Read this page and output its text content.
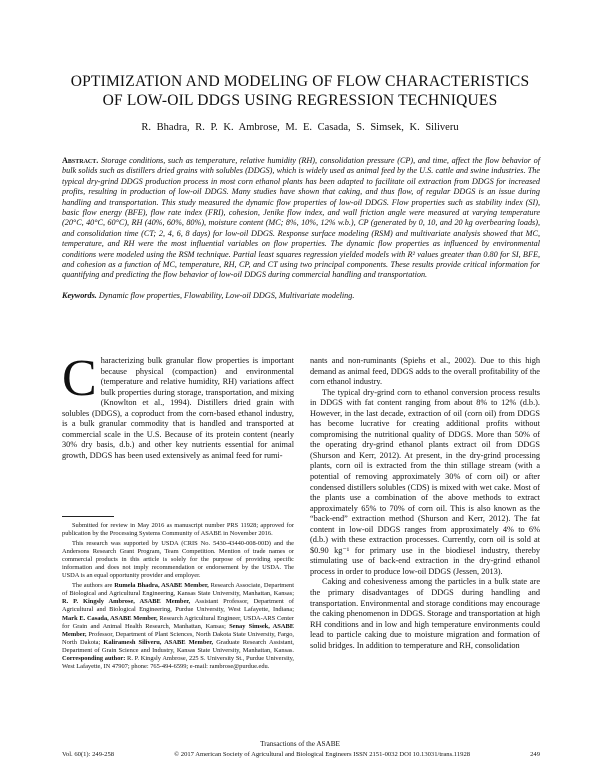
OPTIMIZATION AND MODELING OF FLOW CHARACTERISTICS
OF LOW-OIL DDGS USING REGRESSION TECHNIQUES
R. Bhadra, R. P. K. Ambrose, M. E. Casada, S. Simsek, K. Siliveru
Abstract. Storage conditions, such as temperature, relative humidity (RH), consolidation pressure (CP), and time, affect the flow behavior of bulk solids such as distillers dried grains with solubles (DDGS), which is widely used as animal feed by the U.S. cattle and swine industries. The typical dry-grind DDGS production process in most corn ethanol plants has been adapted to facilitate oil extraction from DDGS for increased profits, resulting in production of low-oil DDGS. Many studies have shown that caking, and thus flow, of regular DDGS is an issue during handling and transportation. This study measured the dynamic flow properties of low-oil DDGS. Flow properties such as stability index (SI), basic flow energy (BFE), flow rate index (FRI), cohesion, Jenike flow index, and wall friction angle were measured at varying temperature (20°C, 40°C, 60°C), RH (40%, 60%, 80%), moisture content (MC; 8%, 10%, 12% w.b.), CP (generated by 0, 10, and 20 kg overbearing loads), and consolidation time (CT; 2, 4, 6, 8 days) for low-oil DDGS. Response surface modeling (RSM) and multivariate analysis showed that MC, temperature, and RH were the most influential variables on flow properties. The dynamic flow properties as influenced by environmental conditions were modeled using the RSM technique. Partial least squares regression yielded models with R² values greater than 0.80 for SI, BFE, and cohesion as a function of MC, temperature, RH, CP, and CT using two principal components. These results provide critical information for quantifying and predicting the flow behavior of low-oil DDGS during commercial handling and transportation.
Keywords. Dynamic flow properties, Flowability, Low-oil DDGS, Multivariate modeling.

Characterizing bulk granular flow properties is important because physical (compaction) and environmental (temperature and relative humidity, RH) variations affect bulk properties during storage, transportation, and mixing (Knowlton et al., 1994). Distillers dried grain with solubles (DDGS), a coproduct from the corn-based ethanol industry, is a bulk granular commodity that is handled and transported at commercial scale in the U.S. Because of its protein content (nearly 30% dry basis, d.b.) and other key nutrients essential for animal growth, DDGS has been used extensively as animal feed for rumi-

Submitted for review in May 2016 as manuscript number PRS 11928; approved for publication by the Processing Systems Community of ASABE in November 2016.

This research was supported by USDA (CRIS No. 5430-43440-008-00D) and the Andersons Research Grant Program, Team Competition. Mention of trade names or commercial products in this article is solely for the purpose of providing specific information and does not imply recommendation or endorsement by the USDA. The USDA is an equal opportunity provider and employer.

The authors are Rumela Bhadra, ASABE Member, Research Associate, Department of Biological and Agricultural Engineering, Kansas State University, Manhattan, Kansas; R. P. Kingsly Ambrose, ASABE Member, Assistant Professor, Department of Agricultural and Biological Engineering, Purdue University, West Lafayette, Indiana; Mark E. Casada, ASABE Member, Research Agricultural Engineer, USDA-ARS Center for Grain and Animal Health Research, Manhattan, Kansas; Senay Simsek, ASABE Member, Professor, Department of Plant Sciences, North Dakota State University, Fargo, North Dakota; Kaliramesh Siliveru, ASABE Member, Graduate Research Assistant, Department of Grain Science and Industry, Kansas State University, Manhattan, Kansas. Corresponding author: R. P. Kingsly Ambrose, 225 S. University St., Purdue University, West Lafayette, IN 47907; phone: 765-494-6599; e-mail: rambrose@purdue.edu.

nants and non-ruminants (Spiehs et al., 2002). Due to this high demand as animal feed, DDGS adds to the overall profitability of the corn ethanol industry.

The typical dry-grind corn to ethanol conversion process results in DDGS with fat content ranging from about 8% to 12% (d.b.). However, in the last decade, extraction of oil (corn oil) from DDGS has become lucrative for creating additional profits without compromising the nutritional quality of DDGS. More than 50% of the operating dry-grind ethanol plants extract oil from DDGS (Shurson and Kerr, 2012). At present, in the dry-grind processing plants, corn oil is extracted from the thin stillage stream (with a potential of removing approximately 30% of corn oil) or after condensed distillers solubles (CDS) is mixed with wet cake. Most of the plants use a combination of the above methods to extract approximately 65% to 70% of corn oil. This is also known as the “back-end” extraction method (Shurson and Kerr, 2012). The fat content in low-oil DDGS ranges from approximately 4% to 6% (d.b.) with these extraction processes. Currently, corn oil is sold at $0.90 kg⁻¹ for primary use in the biodiesel industry, thereby stimulating use of back-end extraction in the dry-grind ethanol process in order to produce low-oil DDGS (Jessen, 2013).

Caking and cohesiveness among the particles in a bulk state are the primary disadvantages of DDGS during handling and transportation. Environmental and storage conditions may encourage the caking phenomenon in DDGS. Storage and transportation at high RH conditions and in low and high temperature environments could lead to particle caking due to moisture migration and formation of solid bridges. In addition to temperature and RH, consolidation

Transactions of the ASABE
Vol. 60(1): 249-258	© 2017 American Society of Agricultural and Biological Engineers ISSN 2151-0032 DOI 10.13031/trans.11928	249
